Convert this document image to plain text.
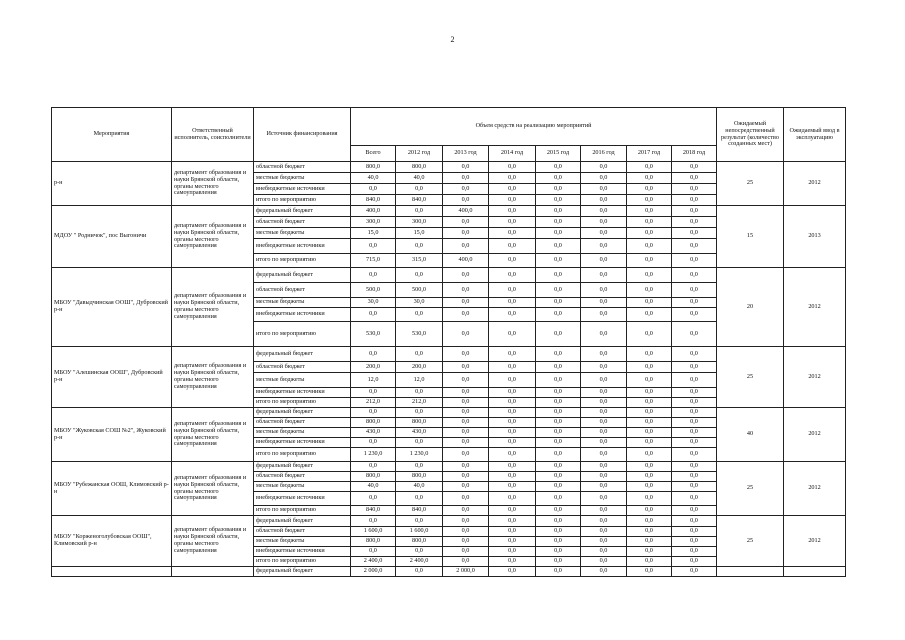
2
Мероприятия	Ответственный исполнитель, соисполнители	Источник финансирования	Объем средств на реализацию мероприятий								Ожидаемый непосредственный результат (количество созданных мест)	Ожидаемый ввод в эксплуатацию
			Всего	2012 год	2013 год	2014 год	2015 год	2016 год	2017 год	2018 год		
р-н	департамент образования и науки Брянской области, органы местного самоуправления	областной бюджет	800,0	800,0	0,0	0,0	0,0	0,0	0,0	0,0	25	2012
		местные бюджеты	40,0	40,0	0,0	0,0	0,0	0,0	0,0	0,0		
		внебюджетные источники	0,0	0,0	0,0	0,0	0,0	0,0	0,0	0,0		
		итого по мероприятию	840,0	840,0	0,0	0,0	0,0	0,0	0,0	0,0		
МДОУ " Родничок", пос Выгоничи	департамент образования и науки Брянской области, органы местного самоуправления	федеральный бюджет	400,0	0,0	400,0	0,0	0,0	0,0	0,0	0,0	15	2013
		областной бюджет	300,0	300,0	0,0	0,0	0,0	0,0	0,0	0,0		
		местные бюджеты	15,0	15,0	0,0	0,0	0,0	0,0	0,0	0,0		
		внебюджетные источники	0,0	0,0	0,0	0,0	0,0	0,0	0,0	0,0		
		итого по мероприятию	715,0	315,0	400,0	0,0	0,0	0,0	0,0	0,0		
МБОУ "Давыдчинская ООШ", Дубровский р-н	департамент образования и науки Брянской области, органы местного самоуправления	федеральный бюджет	0,0	0,0	0,0	0,0	0,0	0,0	0,0	0,0	20	2012
		областной бюджет	500,0	500,0	0,0	0,0	0,0	0,0	0,0	0,0		
		местные бюджеты	30,0	30,0	0,0	0,0	0,0	0,0	0,0	0,0		
		внебюджетные источники	0,0	0,0	0,0	0,0	0,0	0,0	0,0	0,0		
		итого по мероприятию	530,0	530,0	0,0	0,0	0,0	0,0	0,0	0,0		
МБОУ "Алешинская ООШ", Дубровский р-н	департамент образования и науки Брянской области, органы местного самоуправления	федеральный бюджет	0,0	0,0	0,0	0,0	0,0	0,0	0,0	0,0	25	2012
		областной бюджет	200,0	200,0	0,0	0,0	0,0	0,0	0,0	0,0		
		местные бюджеты	12,0	12,0	0,0	0,0	0,0	0,0	0,0	0,0		
		внебюджетные источники	0,0	0,0	0,0	0,0	0,0	0,0	0,0	0,0		
		итого по мероприятию	212,0	212,0	0,0	0,0	0,0	0,0	0,0	0,0		
МБОУ "Жуковская СОШ №2", Жуковский р-н	департамент образования и науки Брянской области, органы местного самоуправления	федеральный бюджет	0,0	0,0	0,0	0,0	0,0	0,0	0,0	0,0	40	2012
		областной бюджет	800,0	800,0	0,0	0,0	0,0	0,0	0,0	0,0		
		местные бюджеты	430,0	430,0	0,0	0,0	0,0	0,0	0,0	0,0		
		внебюджетные источники	0,0	0,0	0,0	0,0	0,0	0,0	0,0	0,0		
		итого по мероприятию	1 230,0	1 230,0	0,0	0,0	0,0	0,0	0,0	0,0		
МБОУ "Рубежанская ООШ, Климовский р-н	департамент образования и науки Брянской области, органы местного самоуправления	федеральный бюджет	0,0	0,0	0,0	0,0	0,0	0,0	0,0	0,0	25	2012
		областной бюджет	800,0	800,0	0,0	0,0	0,0	0,0	0,0	0,0		
		местные бюджеты	40,0	40,0	0,0	0,0	0,0	0,0	0,0	0,0		
		внебюджетные источники	0,0	0,0	0,0	0,0	0,0	0,0	0,0	0,0		
		итого по мероприятию	840,0	840,0	0,0	0,0	0,0	0,0	0,0	0,0		
МБОУ "Корженоголубовская ООШ", Климовский р-н	департамент образования и науки Брянской области, органы местного самоуправления	федеральный бюджет	0,0	0,0	0,0	0,0	0,0	0,0	0,0	0,0	25	2012
		областной бюджет	1 600,0	1 600,0	0,0	0,0	0,0	0,0	0,0	0,0		
		местные бюджеты	800,0	800,0	0,0	0,0	0,0	0,0	0,0	0,0		
		внебюджетные источники	0,0	0,0	0,0	0,0	0,0	0,0	0,0	0,0		
		итого по мероприятию	2 400,0	2 400,0	0,0	0,0	0,0	0,0	0,0	0,0		
		федеральный бюджет	2 000,0	0,0	2 000,0	0,0	0,0	0,0	0,0	0,0		
